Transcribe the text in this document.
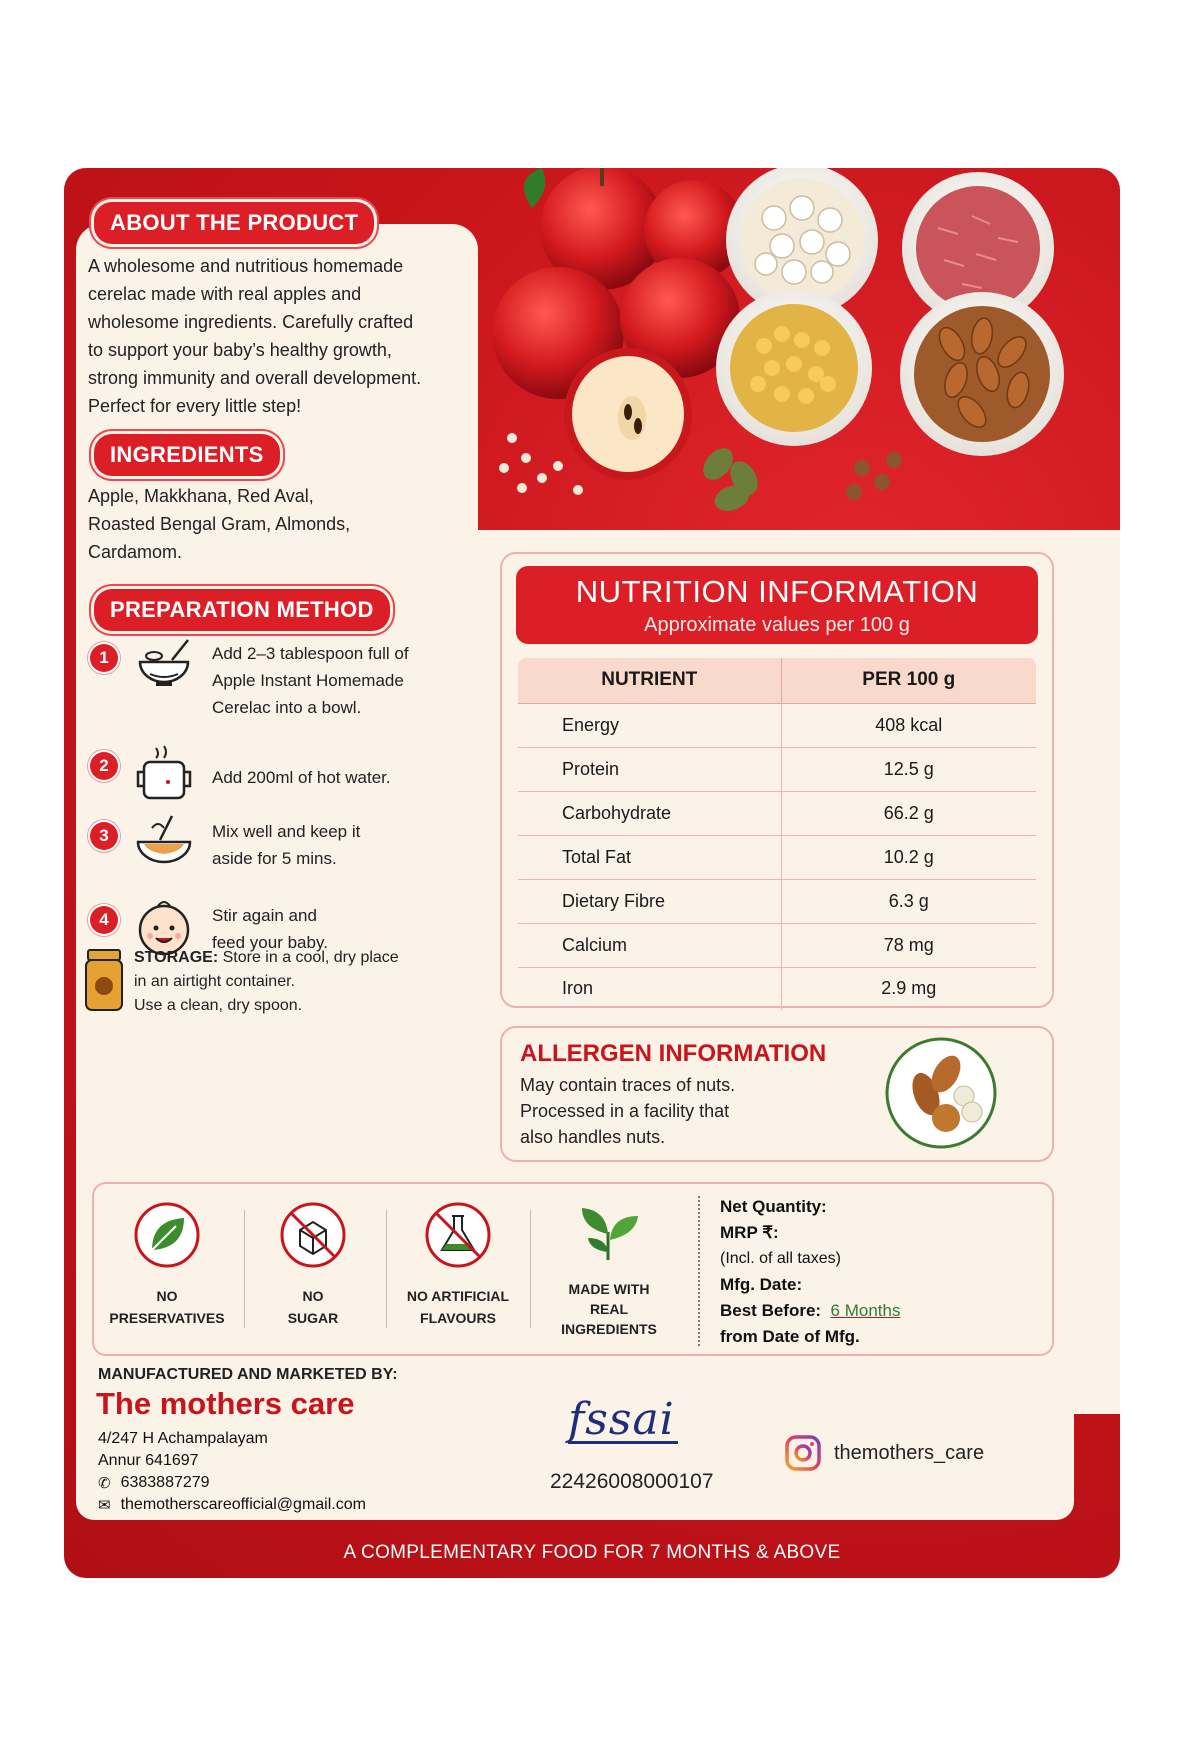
ABOUT THE PRODUCT
A wholesome and nutritious homemade
cerelac made with real apples and
wholesome ingredients. Carefully crafted
to support your baby’s healthy growth,
strong immunity and overall development.
Perfect for every little step!
INGREDIENTS
Apple, Makkhana, Red Aval,
Roasted Bengal Gram, Almonds,
Cardamom.
PREPARATION METHOD
1	Add 2–3 tablespoon full of
Apple Instant Homemade
Cerelac into a bowl.
2
Add 200ml of hot water.
3	Mix well and keep it
aside for 5 mins.
4	Stir again and
feed your baby.
STORAGE: Store in a cool, dry place
in an airtight container.
Use a clean, dry spoon.
NUTRITION INFORMATION
Approximate values per 100 g
NUTRIENT	PER 100 g
Energy	408 kcal
Protein	12.5 g
Carbohydrate	66.2 g
Total Fat	10.2 g
Dietary Fibre	6.3 g
Calcium	78 mg
Iron	2.9 mg
ALLERGEN INFORMATION
May contain traces of nuts.
Processed in a facility that
also handles nuts.
NO
PRESERVATIVES
NO
SUGAR
NO ARTIFICIAL
FLAVOURS
MADE WITH
REAL
INGREDIENTS
Net Quantity:
MRP ₹:
(Incl. of all taxes)
Mfg. Date:
Best Before: 6 Months
from Date of Mfg.
MANUFACTURED AND MARKETED BY:
The mothers care
4/247 H Achampalayam
Annur 641697
✆ 6383887279
✉ themotherscareofficial@gmail.com
fssai
22426008000107
themothers_care
A COMPLEMENTARY FOOD FOR 7 MONTHS & ABOVE
